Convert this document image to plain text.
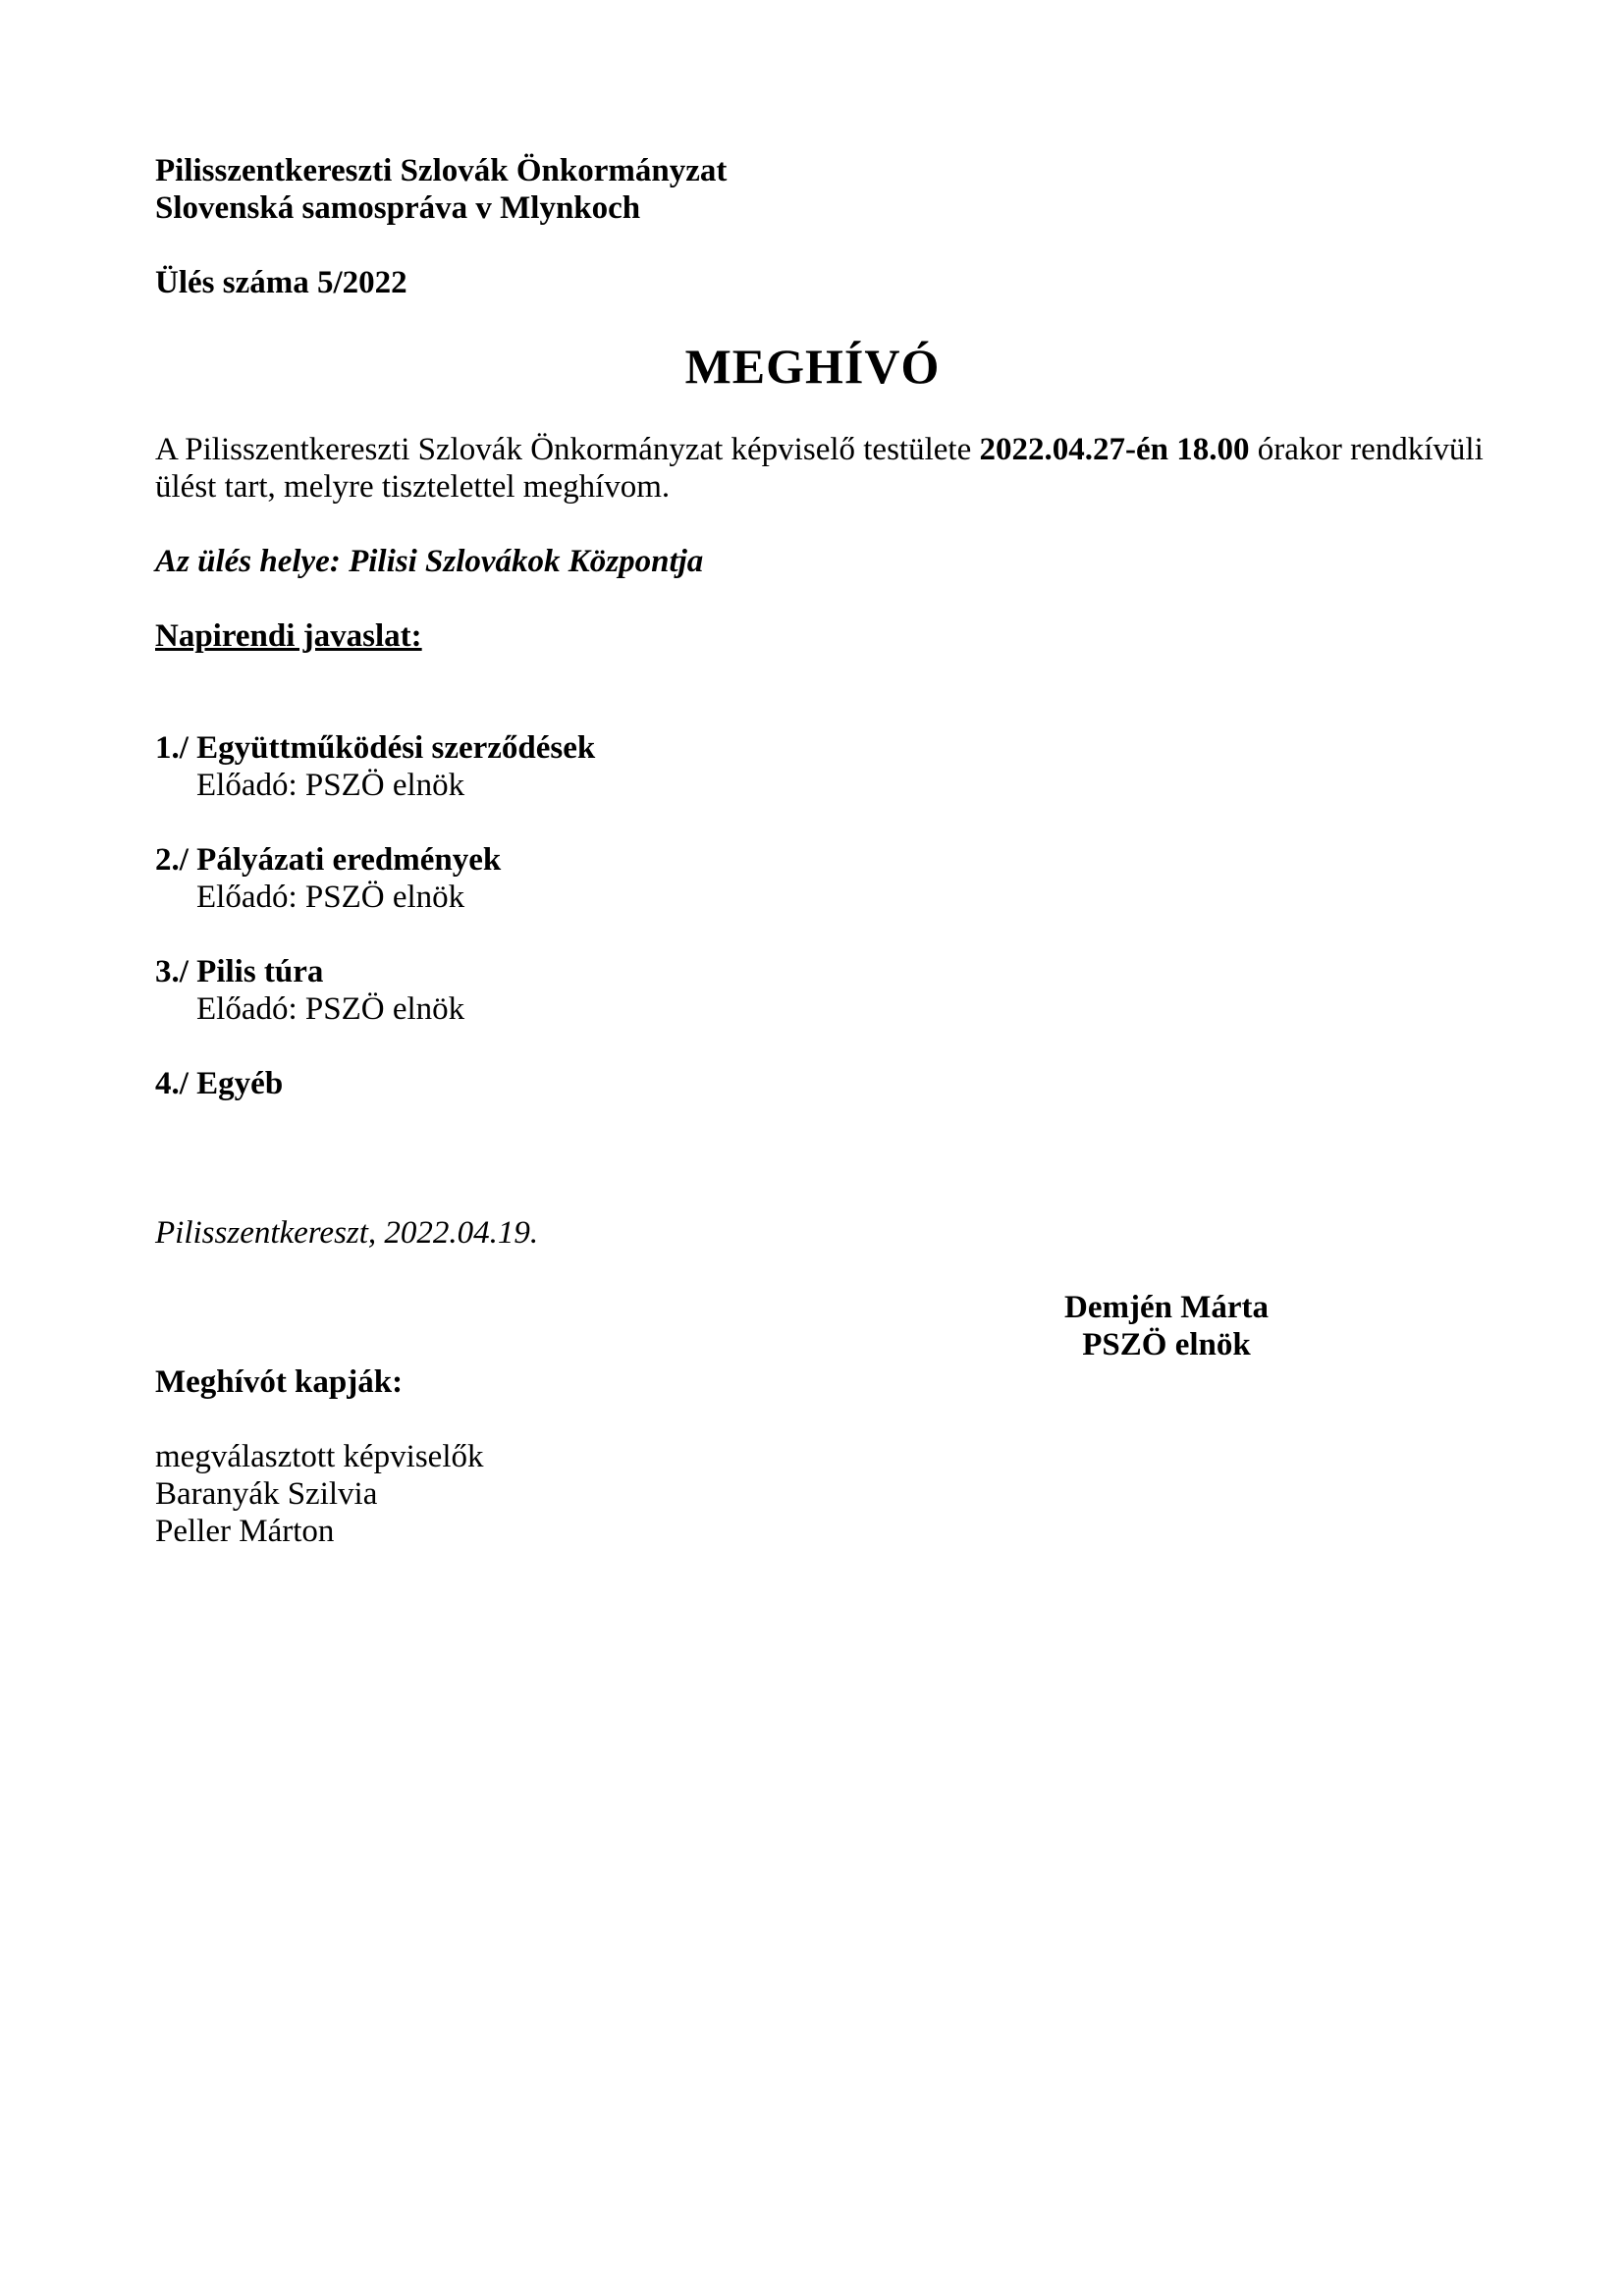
Pilisszentkereszti Szlovák Önkormányzat

Slovenská samospráva v Mlynkoch

Ülés száma 5/2022

MEGHÍVÓ

A Pilisszentkereszti Szlovák Önkormányzat képviselő testülete 2022.04.27-én 18.00 órakor rendkívüli ülést tart, melyre tisztelettel meghívom.

Az ülés helye: Pilisi Szlovákok Központja

Napirendi javaslat:

1./ Együttműködési szerződések

Előadó: PSZÖ elnök

2./ Pályázati eredmények

Előadó: PSZÖ elnök

3./ Pilis túra

Előadó: PSZÖ elnök

4./ Egyéb

Pilisszentkereszt, 2022.04.19.

Demjén Márta

PSZÖ elnök

Meghívót kapják:

megválasztott képviselők

Baranyák Szilvia

Peller Márton
